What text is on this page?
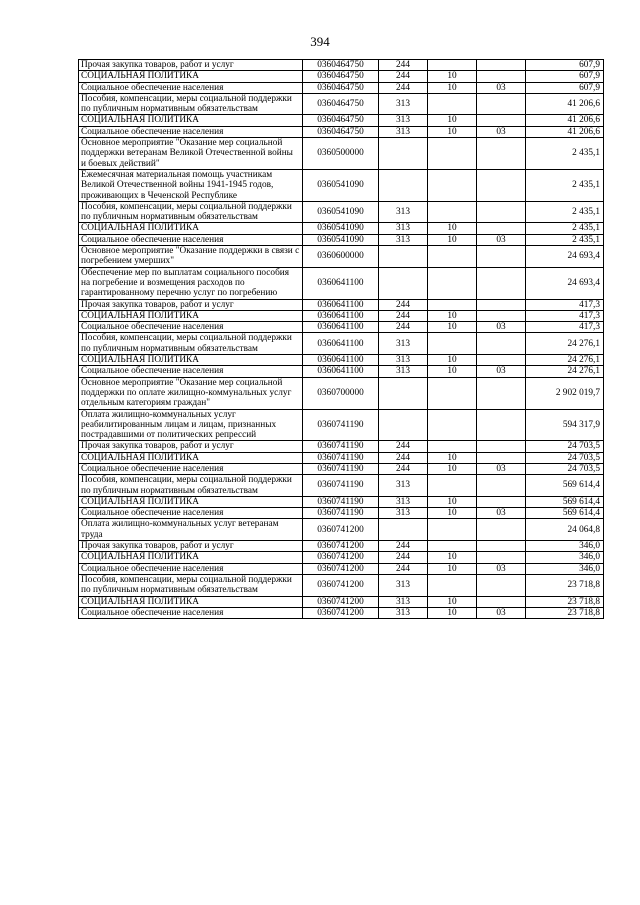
394
Прочая закупка товаров, работ и услуг	0360464750	244			607,9
СОЦИАЛЬНАЯ ПОЛИТИКА	0360464750	244	10		607,9
Социальное обеспечение населения	0360464750	244	10	03	607,9
Пособия, компенсации, меры социальной поддержки по публичным нормативным обязательствам	0360464750	313			41 206,6
СОЦИАЛЬНАЯ ПОЛИТИКА	0360464750	313	10		41 206,6
Социальное обеспечение населения	0360464750	313	10	03	41 206,6
Основное мероприятие "Оказание мер социальной поддержки ветеранам Великой Отечественной войны и боевых действий"	0360500000				2 435,1
Ежемесячная материальная помощь участникам Великой Отечественной войны 1941-1945 годов, проживающих в Чеченской Республике	0360541090				2 435,1
Пособия, компенсации, меры социальной поддержки по публичным нормативным обязательствам	0360541090	313			2 435,1
СОЦИАЛЬНАЯ ПОЛИТИКА	0360541090	313	10		2 435,1
Социальное обеспечение населения	0360541090	313	10	03	2 435,1
Основное мероприятие "Оказание поддержки в связи с погребением умерших"	0360600000				24 693,4
Обеспечение мер по выплатам социального пособия на погребение и возмещения расходов по гарантированному перечню услуг по погребению	0360641100				24 693,4
Прочая закупка товаров, работ и услуг	0360641100	244			417,3
СОЦИАЛЬНАЯ ПОЛИТИКА	0360641100	244	10		417,3
Социальное обеспечение населения	0360641100	244	10	03	417,3
Пособия, компенсации, меры социальной поддержки по публичным нормативным обязательствам	0360641100	313			24 276,1
СОЦИАЛЬНАЯ ПОЛИТИКА	0360641100	313	10		24 276,1
Социальное обеспечение населения	0360641100	313	10	03	24 276,1
Основное мероприятие "Оказание мер социальной поддержки по оплате жилищно-коммунальных услуг отдельным категориям граждан"	0360700000				2 902 019,7
Оплата жилищно-коммунальных услуг реабилитированным лицам и лицам, признанных пострадавшими от политических репрессий	0360741190				594 317,9
Прочая закупка товаров, работ и услуг	0360741190	244			24 703,5
СОЦИАЛЬНАЯ ПОЛИТИКА	0360741190	244	10		24 703,5
Социальное обеспечение населения	0360741190	244	10	03	24 703,5
Пособия, компенсации, меры социальной поддержки по публичным нормативным обязательствам	0360741190	313			569 614,4
СОЦИАЛЬНАЯ ПОЛИТИКА	0360741190	313	10		569 614,4
Социальное обеспечение населения	0360741190	313	10	03	569 614,4
Оплата жилищно-коммунальных услуг ветеранам труда	0360741200				24 064,8
Прочая закупка товаров, работ и услуг	0360741200	244			346,0
СОЦИАЛЬНАЯ ПОЛИТИКА	0360741200	244	10		346,0
Социальное обеспечение населения	0360741200	244	10	03	346,0
Пособия, компенсации, меры социальной поддержки по публичным нормативным обязательствам	0360741200	313			23 718,8
СОЦИАЛЬНАЯ ПОЛИТИКА	0360741200	313	10		23 718,8
Социальное обеспечение населения	0360741200	313	10	03	23 718,8
